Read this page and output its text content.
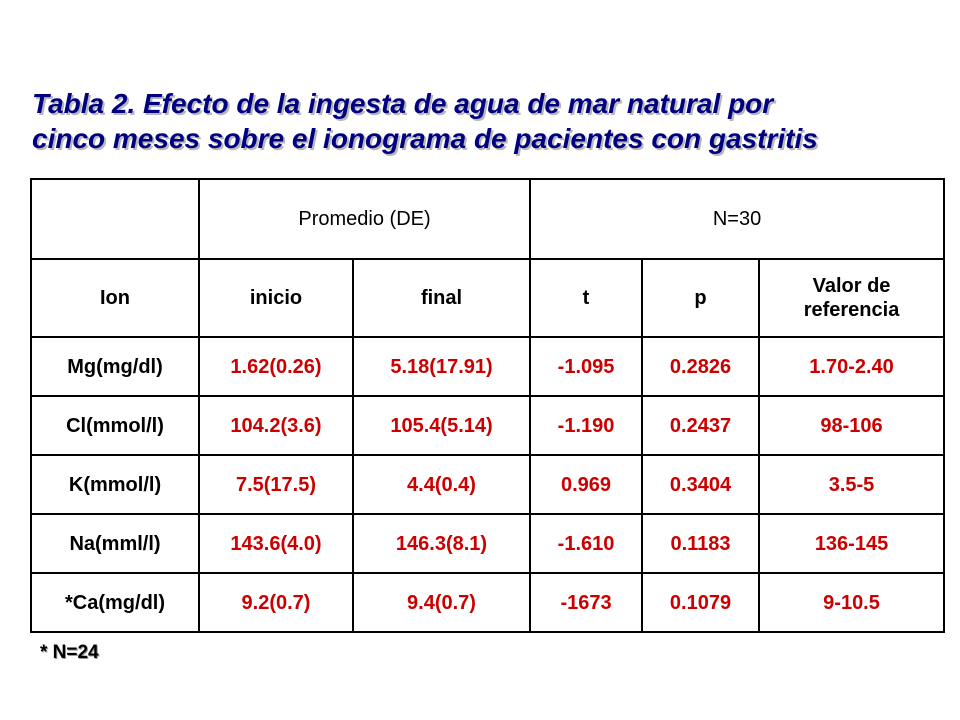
Tabla 2. Efecto de la ingesta de agua de mar natural por
cinco meses sobre el ionograma de pacientes con gastritis
	Promedio (DE)		N=30		
Ion	inicio	final	t	p	Valor de referencia
Mg(mg/dl)	1.62(0.26)	5.18(17.91)	-1.095	0.2826	1.70-2.40
Cl(mmol/l)	104.2(3.6)	105.4(5.14)	-1.190	0.2437	98-106
K(mmol/l)	7.5(17.5)	4.4(0.4)	0.969	0.3404	3.5-5
Na(mml/l)	143.6(4.0)	146.3(8.1)	-1.610	0.1183	136-145
*Ca(mg/dl)	9.2(0.7)	9.4(0.7)	-1673	0.1079	9-10.5
* N=24
